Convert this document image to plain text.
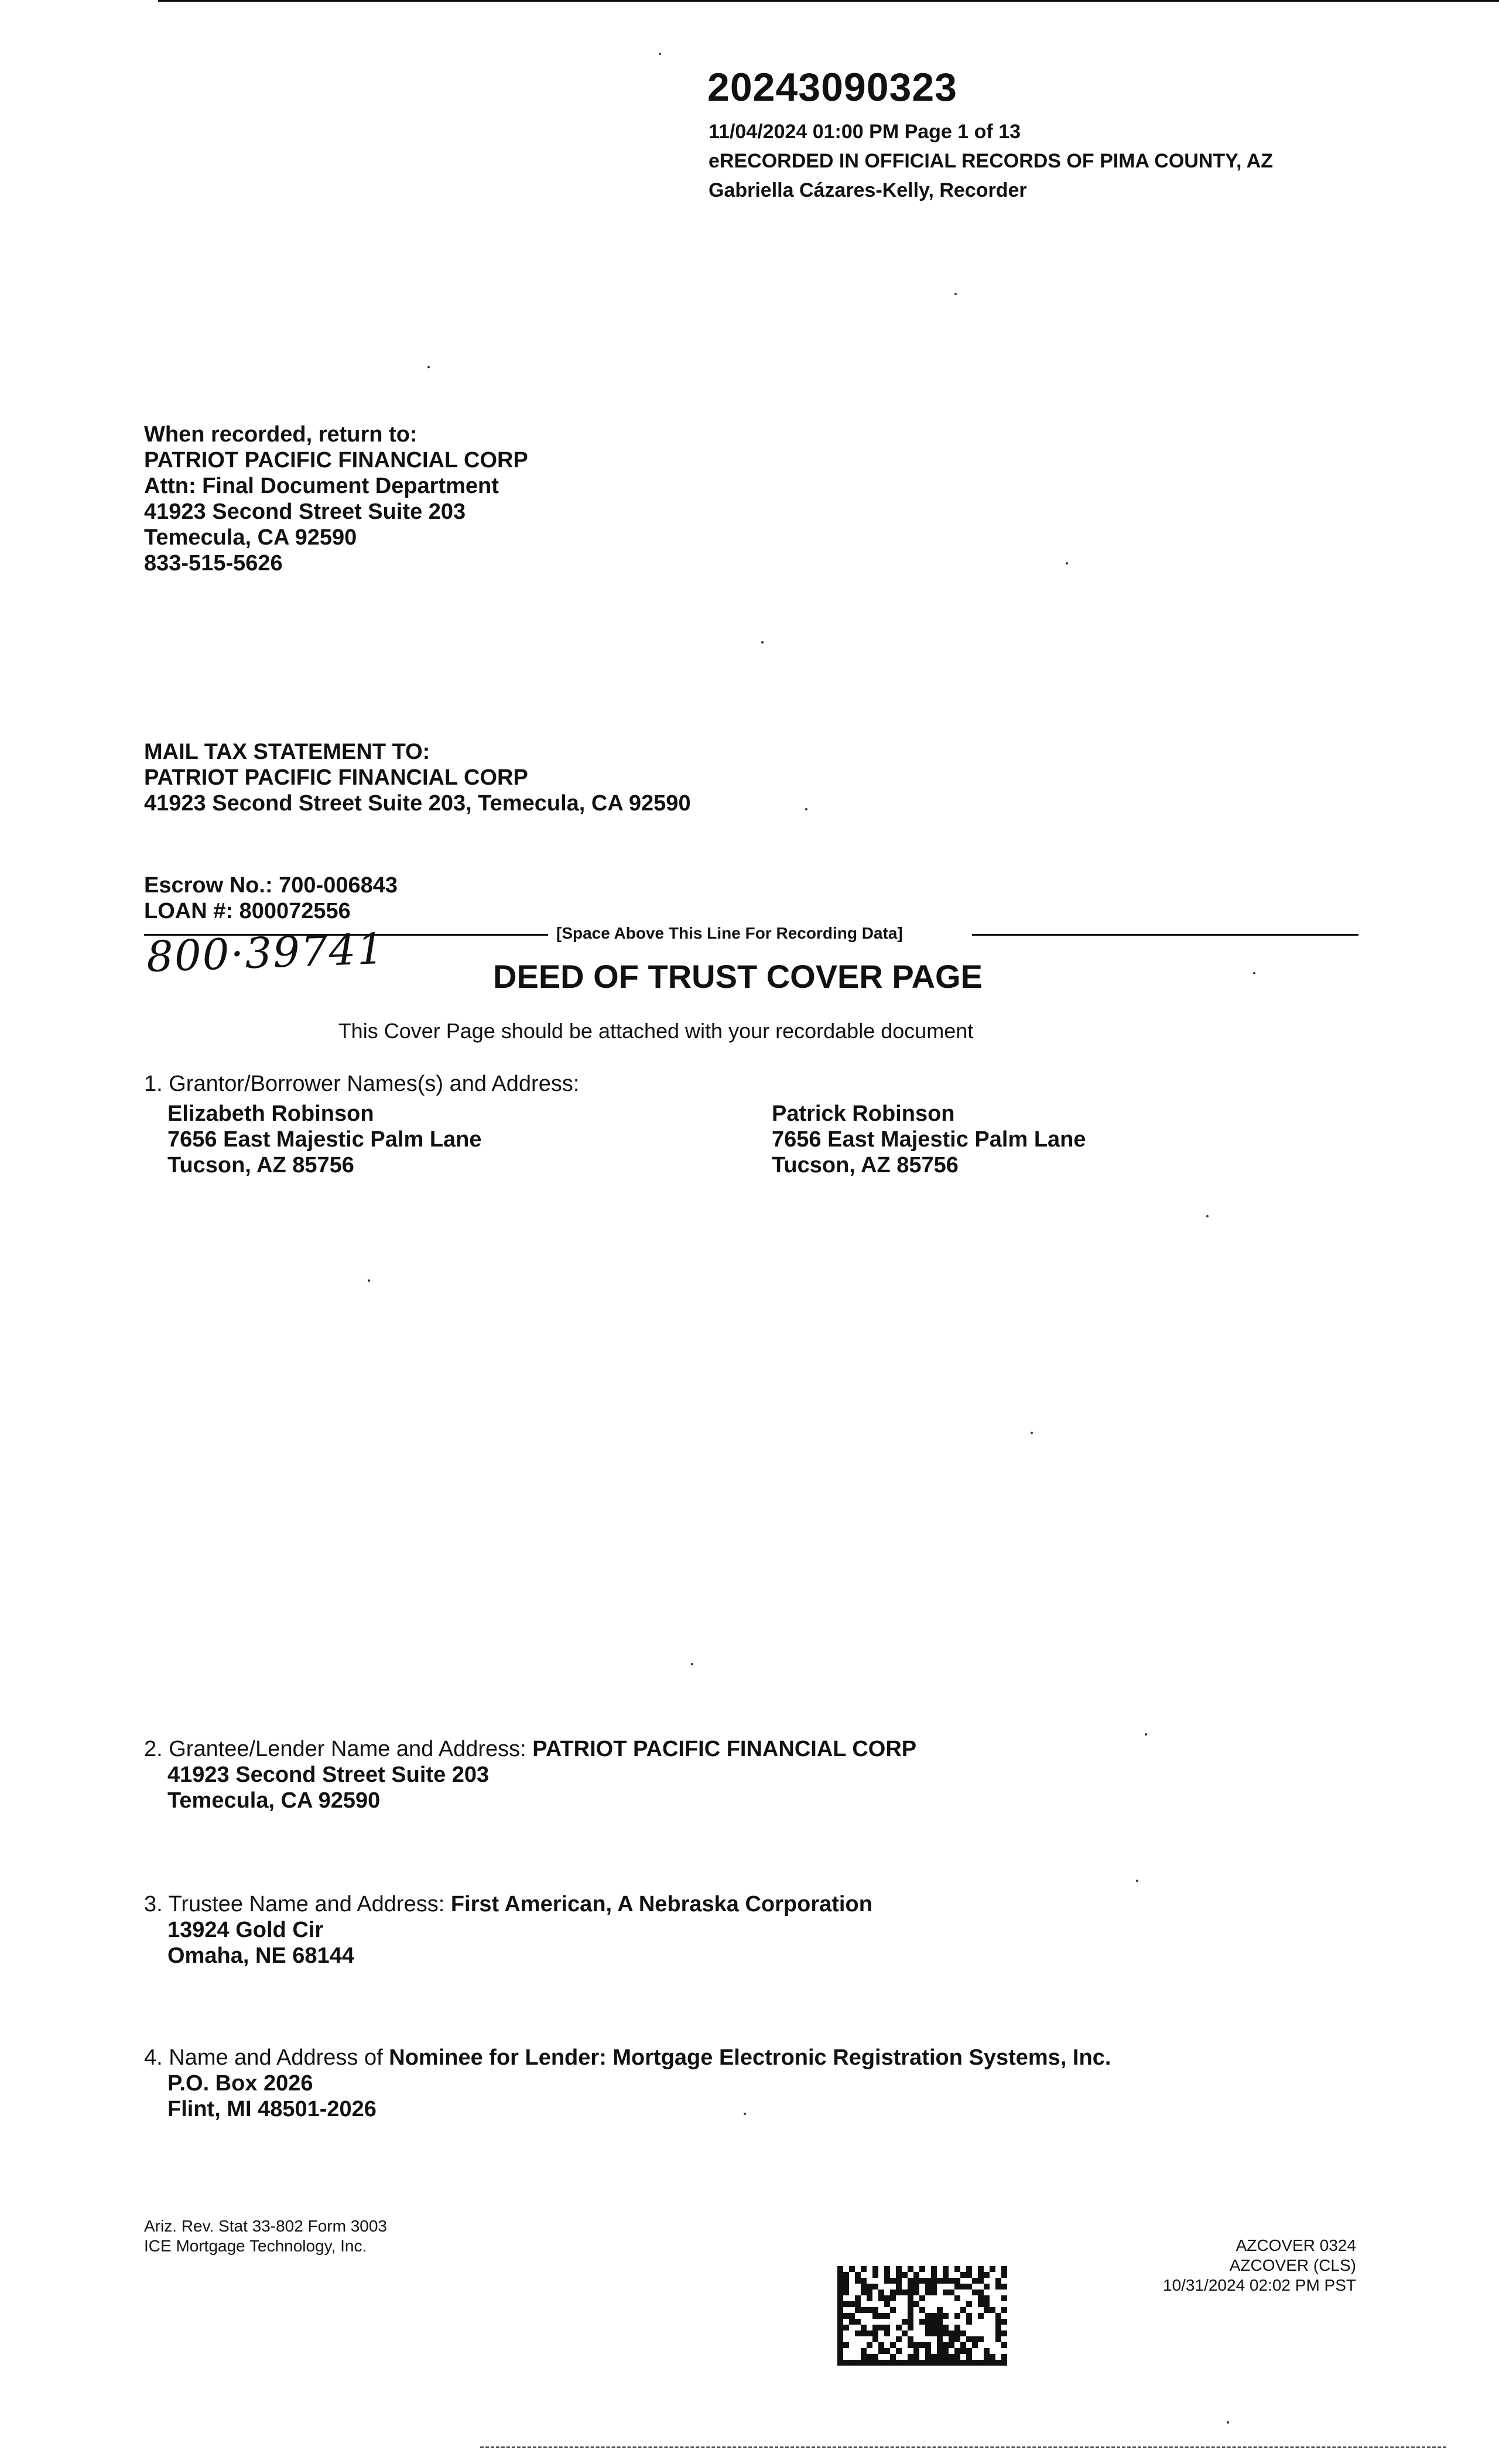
20243090323
11/04/2024 01:00 PM Page 1 of 13
eRECORDED IN OFFICIAL RECORDS OF PIMA COUNTY, AZ
Gabriella Cázares-Kelly, Recorder
When recorded, return to:
PATRIOT PACIFIC FINANCIAL CORP
Attn: Final Document Department
41923 Second Street Suite 203
Temecula, CA 92590
833-515-5626
MAIL TAX STATEMENT TO:
PATRIOT PACIFIC FINANCIAL CORP
41923 Second Street Suite 203, Temecula, CA 92590
Escrow No.: 700-006843
LOAN #: 800072556
[Space Above This Line For Recording Data]
800·39741	DEED OF TRUST COVER PAGE
This Cover Page should be attached with your recordable document
1. Grantor/Borrower Names(s) and Address:
Elizabeth Robinson
7656 East Majestic Palm Lane
Tucson, AZ 85756
Patrick Robinson
7656 East Majestic Palm Lane
Tucson, AZ 85756
2. Grantee/Lender Name and Address: PATRIOT PACIFIC FINANCIAL CORP
41923 Second Street Suite 203
Temecula, CA 92590
3. Trustee Name and Address: First American, A Nebraska Corporation
13924 Gold Cir
Omaha, NE 68144
4. Name and Address of Nominee for Lender: Mortgage Electronic Registration Systems, Inc.
P.O. Box 2026
Flint, MI 48501-2026
Ariz. Rev. Stat 33-802 Form 3003
ICE Mortgage Technology, Inc.	AZCOVER 0324
AZCOVER (CLS)
10/31/2024 02:02 PM PST
